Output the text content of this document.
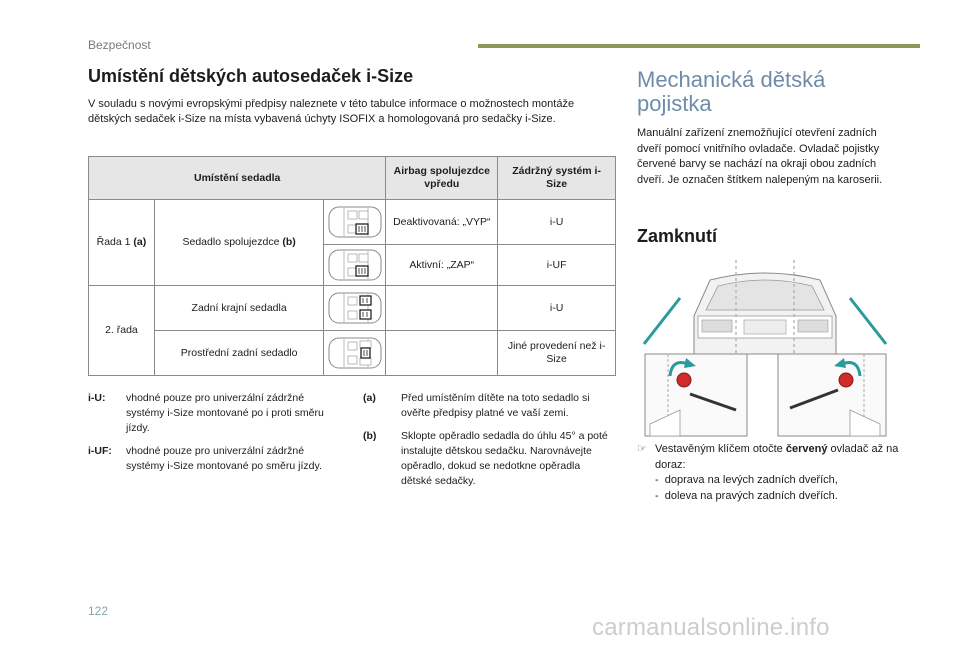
Bezpečnost
Umístění dětských autosedaček i-Size
V souladu s novými evropskými předpisy naleznete v této tabulce informace o možnostech montáže dětských sedaček i-Size na místa vybavená úchyty ISOFIX a homologovaná pro sedačky i-Size.
Umístění sedadla			Airbag spolujezdce vpředu	Zádržný systém i-Size
Řada 1 (a)	Sedadlo spolujezdce (b)		Deaktivovaná: „VYP“	i-U

	Aktivní: „ZAP“	i-UF
2. řada	Zadní krajní sedadla			i-U
	Prostřední zadní sedadlo			Jiné provedení než i-Size
i-U:	vhodné pouze pro univerzální zádržné systémy i-Size montované po i proti směru jízdy.
i-UF:	vhodné pouze pro univerzální zádržné systémy i-Size montované po směru jízdy.
(a)	Před umístěním dítěte na toto sedadlo si ověřte předpisy platné ve vaší zemi.
(b)	Sklopte opěradlo sedadla do úhlu 45° a poté instalujte dětskou sedačku. Narovnávejte opěradlo, dokud se nedotkne opěradla dětské sedačky.
Mechanická dětská pojistka
Manuální zařízení znemožňující otevření zadních dveří pomocí vnitřního ovladače. Ovladač pojistky červené barvy se nachází na okraji obou zadních dveří. Je označen štítkem nalepeným na karoserii.
Zamknutí
☞ Vestavěným klíčem otočte červený ovladač až na doraz:
-  doprava na levých zadních dveřích,
-  doleva na pravých zadních dveřích.
122
carmanualsonline.info
